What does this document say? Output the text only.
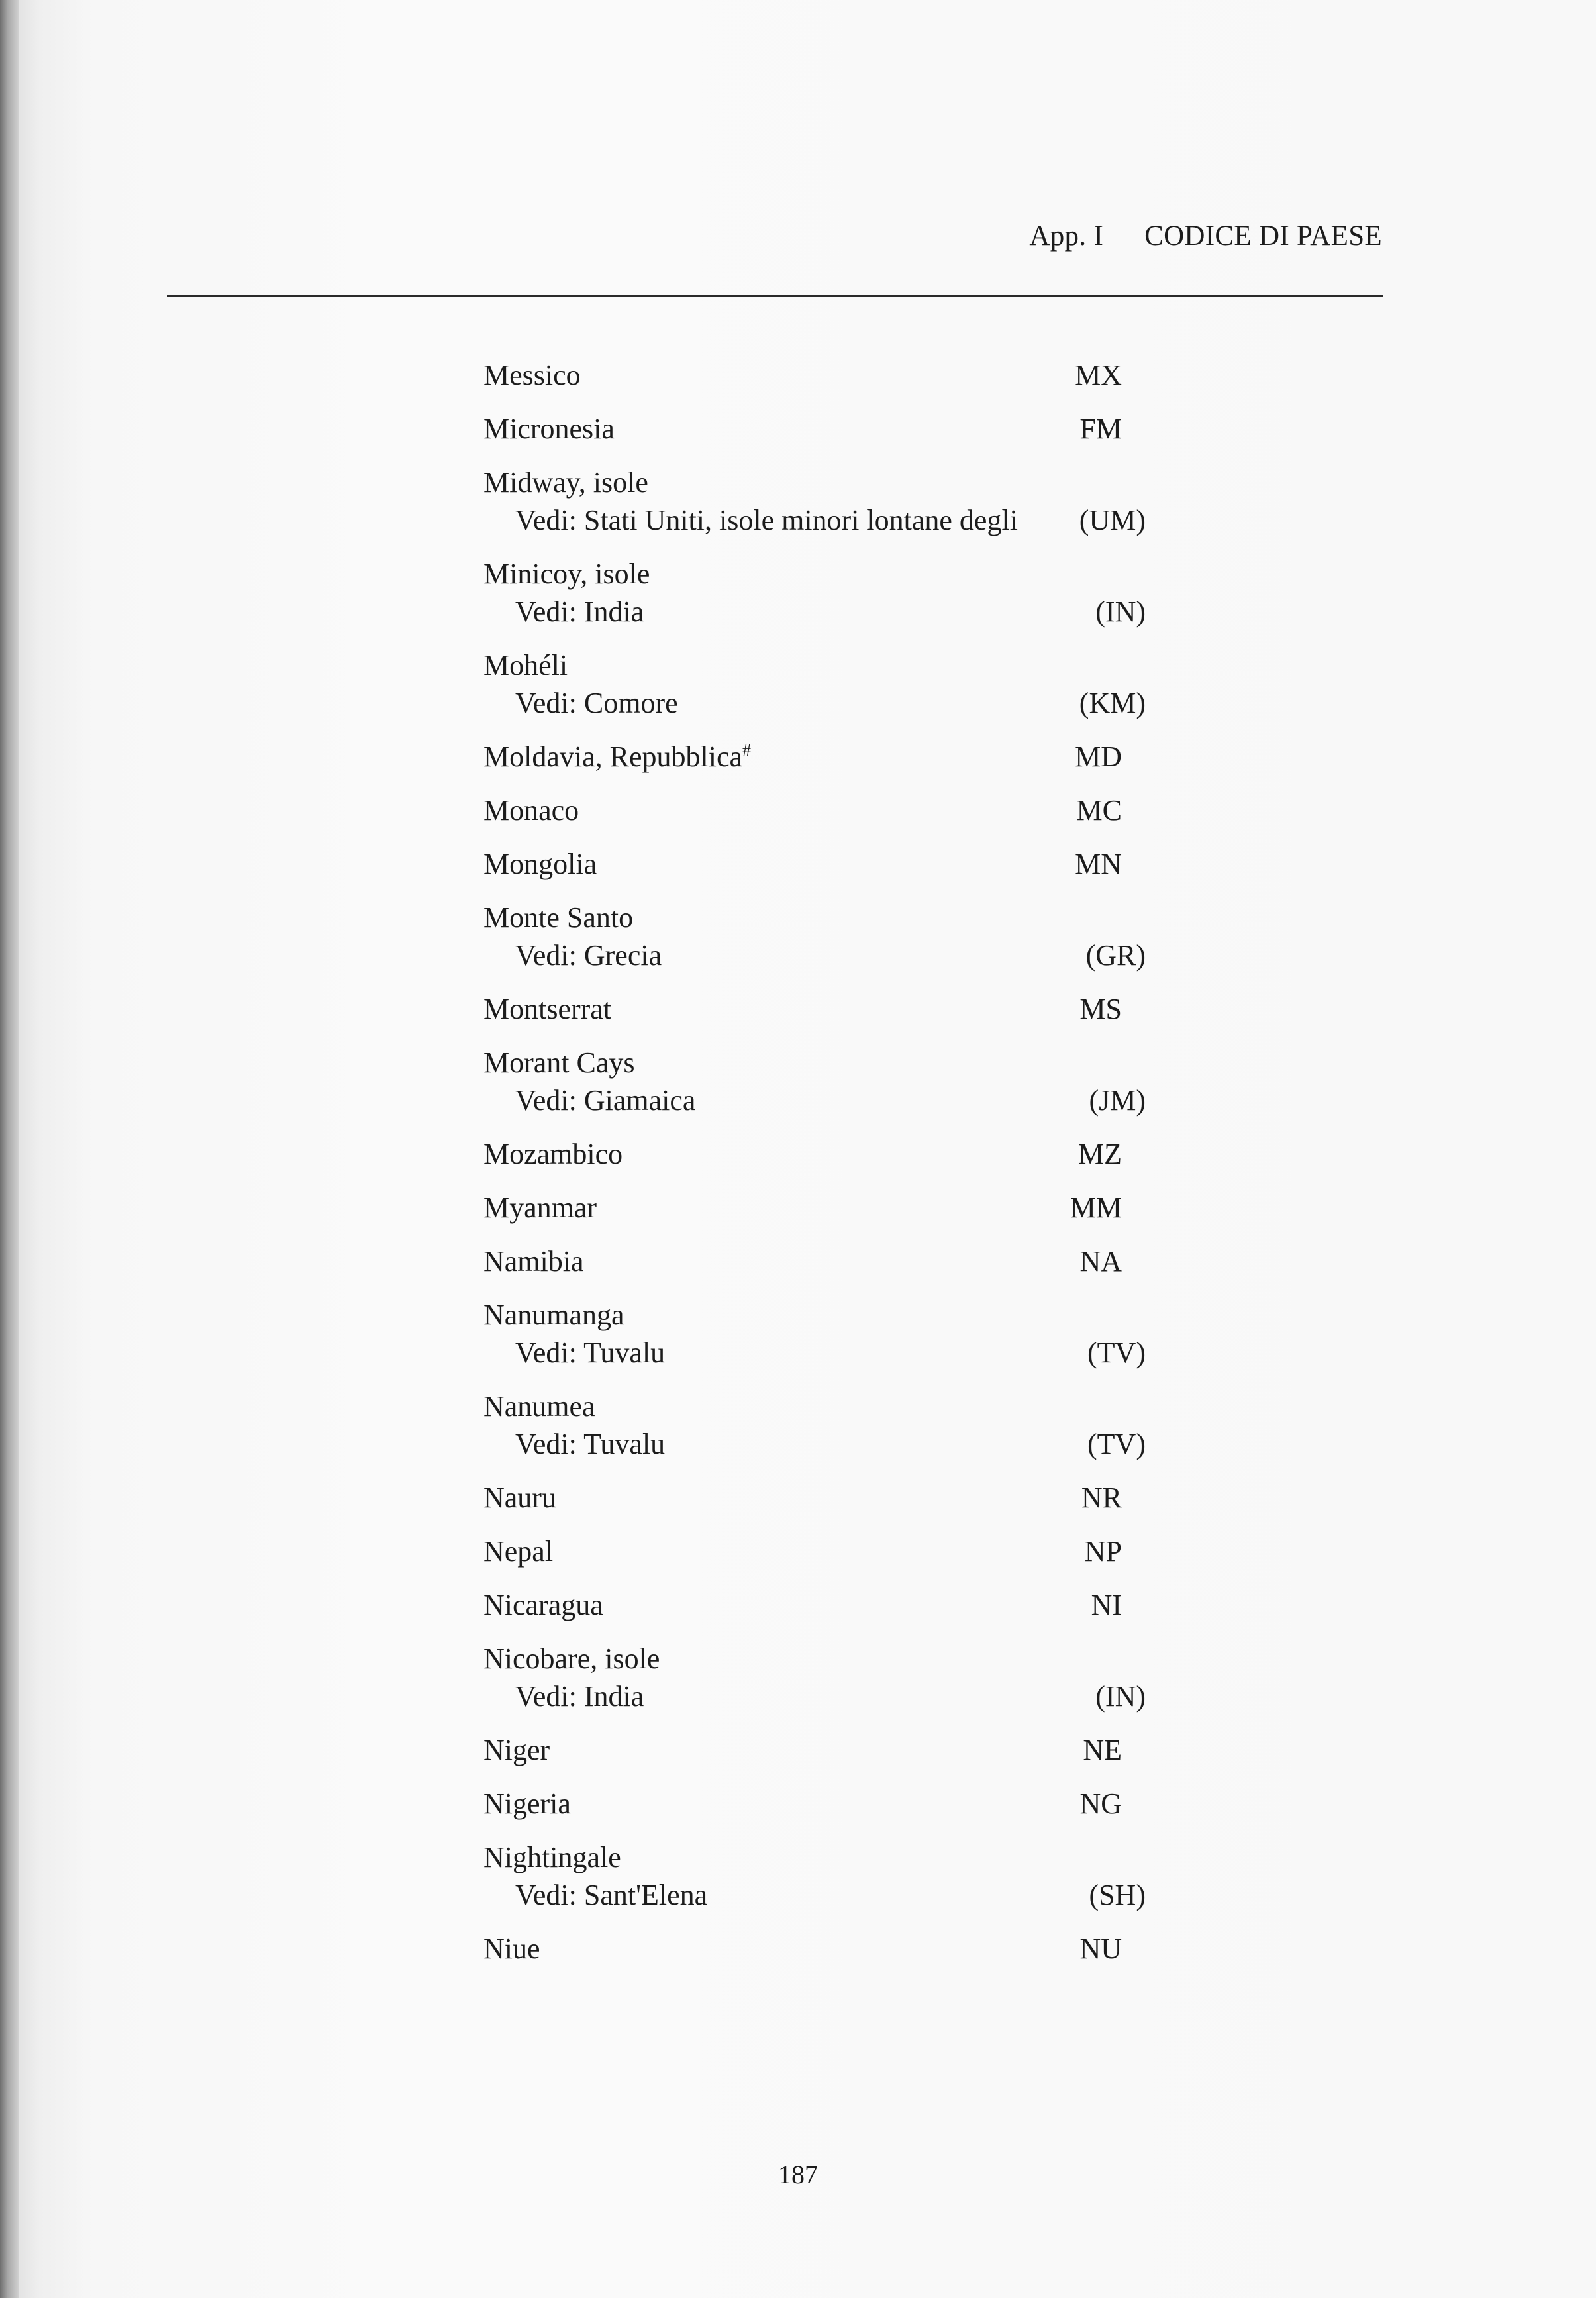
App. I CODICE DI PAESE
Messico	MX
Micronesia	FM
Midway, isole
Vedi: Stati Uniti, isole minori lontane degli (UM)
Minicoy, isole
Vedi: India	(IN)
Mohéli
Vedi: Comore	(KM)
Moldavia, Repubblica#	MD
Monaco	MC
Mongolia	MN
Monte Santo
Vedi: Grecia	(GR)
Montserrat	MS
Morant Cays
Vedi: Giamaica	(JM)
Mozambico	MZ
Myanmar	MM
Namibia	NA
Nanumanga
Vedi: Tuvalu	(TV)
Nanumea
Vedi: Tuvalu	(TV)
Nauru	NR
Nepal	NP
Nicaragua	NI
Nicobare, isole
Vedi: India	(IN)
Niger	NE
Nigeria	NG
Nightingale
Vedi: Sant'Elena	(SH)
Niue	NU
187
